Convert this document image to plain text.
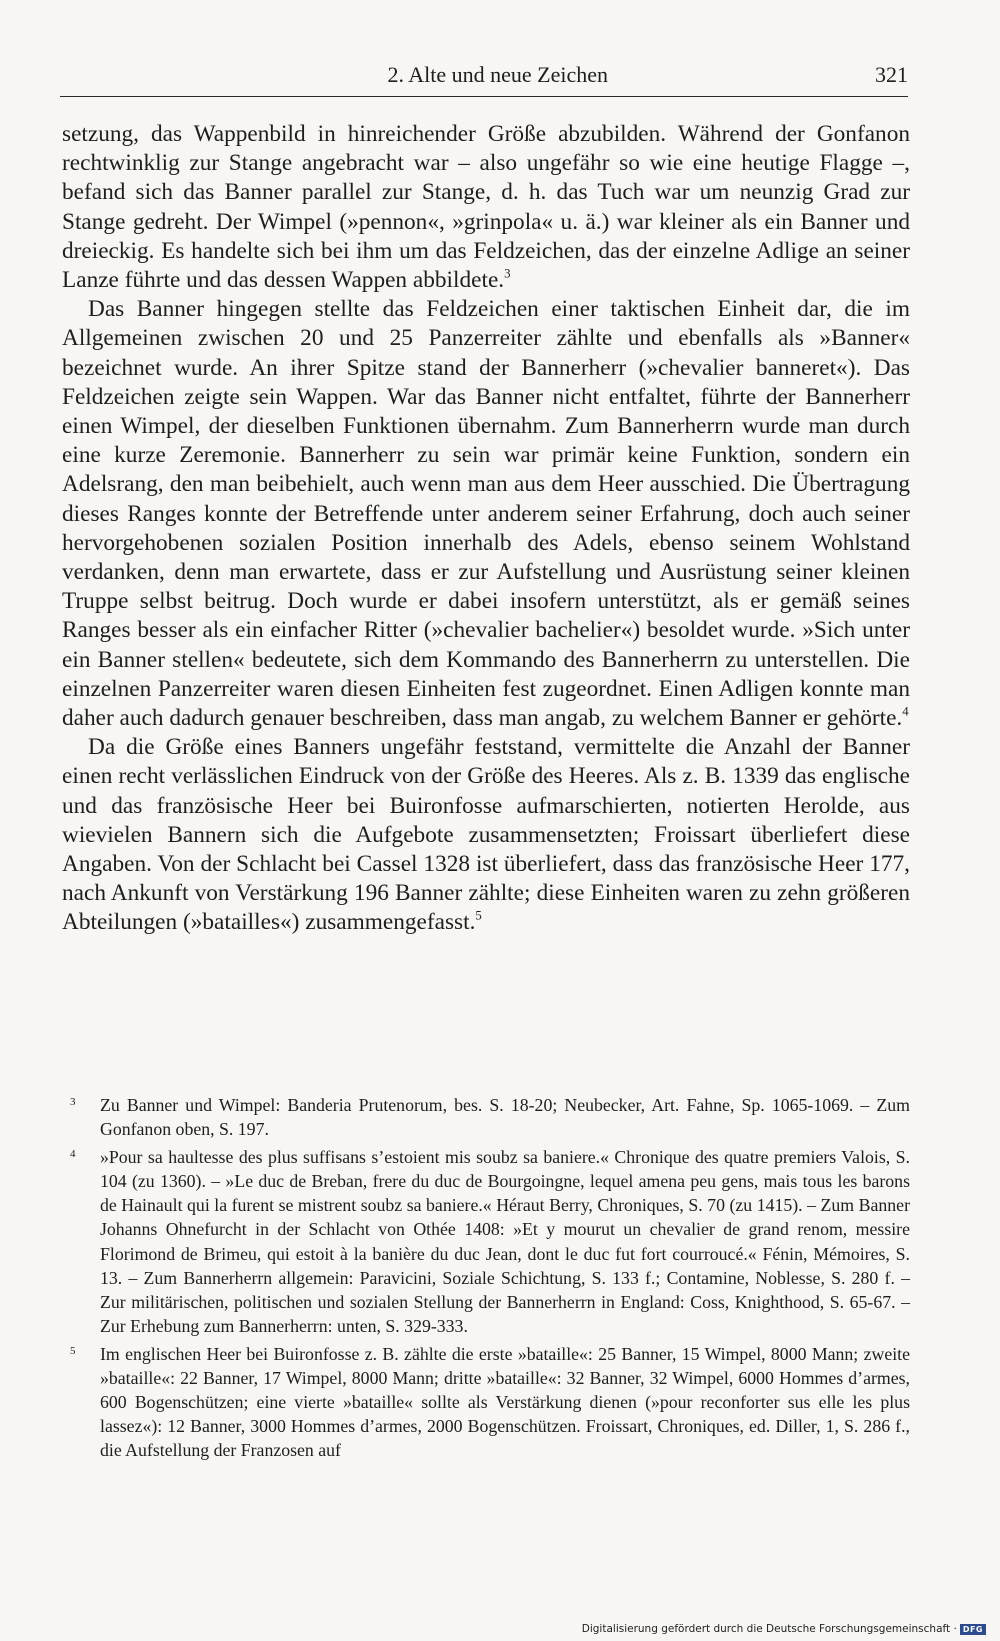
2. Alte und neue Zeichen	321

setzung, das Wappenbild in hinreichender Größe abzubilden. Während der Gonfanon rechtwinklig zur Stange angebracht war – also ungefähr so wie eine heutige Flagge –, befand sich das Banner parallel zur Stange, d. h. das Tuch war um neunzig Grad zur Stange gedreht. Der Wimpel (»pennon«, »grinpola« u. ä.) war kleiner als ein Banner und dreieckig. Es handelte sich bei ihm um das Feldzeichen, das der einzelne Adlige an seiner Lanze führte und das dessen Wappen abbildete.$^3$

Das Banner hingegen stellte das Feldzeichen einer taktischen Einheit dar, die im Allgemeinen zwischen 20 und 25 Panzerreiter zählte und ebenfalls als »Banner« bezeichnet wurde. An ihrer Spitze stand der Bannerherr (»chevalier banneret«). Das Feldzeichen zeigte sein Wappen. War das Banner nicht entfaltet, führte der Bannerherr einen Wimpel, der dieselben Funktionen übernahm. Zum Bannerherrn wurde man durch eine kurze Zeremonie. Bannerherr zu sein war primär keine Funktion, sondern ein Adelsrang, den man beibehielt, auch wenn man aus dem Heer ausschied. Die Übertragung dieses Ranges konnte der Betreffende unter anderem seiner Erfahrung, doch auch seiner hervorgehobenen sozialen Position innerhalb des Adels, ebenso seinem Wohlstand verdanken, denn man erwartete, dass er zur Aufstellung und Ausrüstung seiner kleinen Truppe selbst beitrug. Doch wurde er dabei insofern unterstützt, als er gemäß seines Ranges besser als ein einfacher Ritter (»chevalier bachelier«) besoldet wurde. »Sich unter ein Banner stellen« bedeutete, sich dem Kommando des Bannerherrn zu unterstellen. Die einzelnen Panzerreiter waren diesen Einheiten fest zugeordnet. Einen Adligen konnte man daher auch dadurch genauer beschreiben, dass man angab, zu welchem Banner er gehörte.$^4$

Da die Größe eines Banners ungefähr feststand, vermittelte die Anzahl der Banner einen recht verlässlichen Eindruck von der Größe des Heeres. Als z. B. 1339 das englische und das französische Heer bei Buironfosse aufmarschierten, notierten Herolde, aus wievielen Bannern sich die Aufgebote zusammensetzten; Froissart überliefert diese Angaben. Von der Schlacht bei Cassel 1328 ist überliefert, dass das französische Heer 177, nach Ankunft von Verstärkung 196 Banner zählte; diese Einheiten waren zu zehn größeren Abteilungen (»batailles«) zusammengefasst.$^5$

3 Zu Banner und Wimpel: Banderia Prutenorum, bes. S. 18-20; Neubecker, Art. Fahne, Sp. 1065-1069. – Zum Gonfanon oben, S. 197.
4 »Pour sa haultesse des plus suffisans s’estoient mis soubz sa baniere.« Chronique des quatre premiers Valois, S. 104 (zu 1360). – »Le duc de Breban, frere du duc de Bourgoingne, lequel amena peu gens, mais tous les barons de Hainault qui la furent se mistrent soubz sa baniere.« Héraut Berry, Chroniques, S. 70 (zu 1415). – Zum Banner Johanns Ohnefurcht in der Schlacht von Othée 1408: »Et y mourut un chevalier de grand renom, messire Florimond de Brimeu, qui estoit à la banière du duc Jean, dont le duc fut fort courroucé.« Fénin, Mémoires, S. 13. – Zum Bannerherrn allgemein: Paravicini, Soziale Schichtung, S. 133 f.; Contamine, Noblesse, S. 280 f. – Zur militärischen, politischen und sozialen Stellung der Bannerherrn in England: Coss, Knighthood, S. 65-67. – Zur Erhebung zum Bannerherrn: unten, S. 329-333.
5 Im englischen Heer bei Buironfosse z. B. zählte die erste »bataille«: 25 Banner, 15 Wimpel, 8000 Mann; zweite »bataille«: 22 Banner, 17 Wimpel, 8000 Mann; dritte »bataille«: 32 Banner, 32 Wimpel, 6000 Hommes d’armes, 600 Bogenschützen; eine vierte »bataille« sollte als Verstärkung dienen (»pour reconforter sus elle les plus lassez«): 12 Banner, 3000 Hommes d’armes, 2000 Bogenschützen. Froissart, Chroniques, ed. Diller, 1, S. 286 f., die Aufstellung der Franzosen auf
Digitalisierung gefördert durch die Deutsche Forschungsgemeinschaft · DFG
